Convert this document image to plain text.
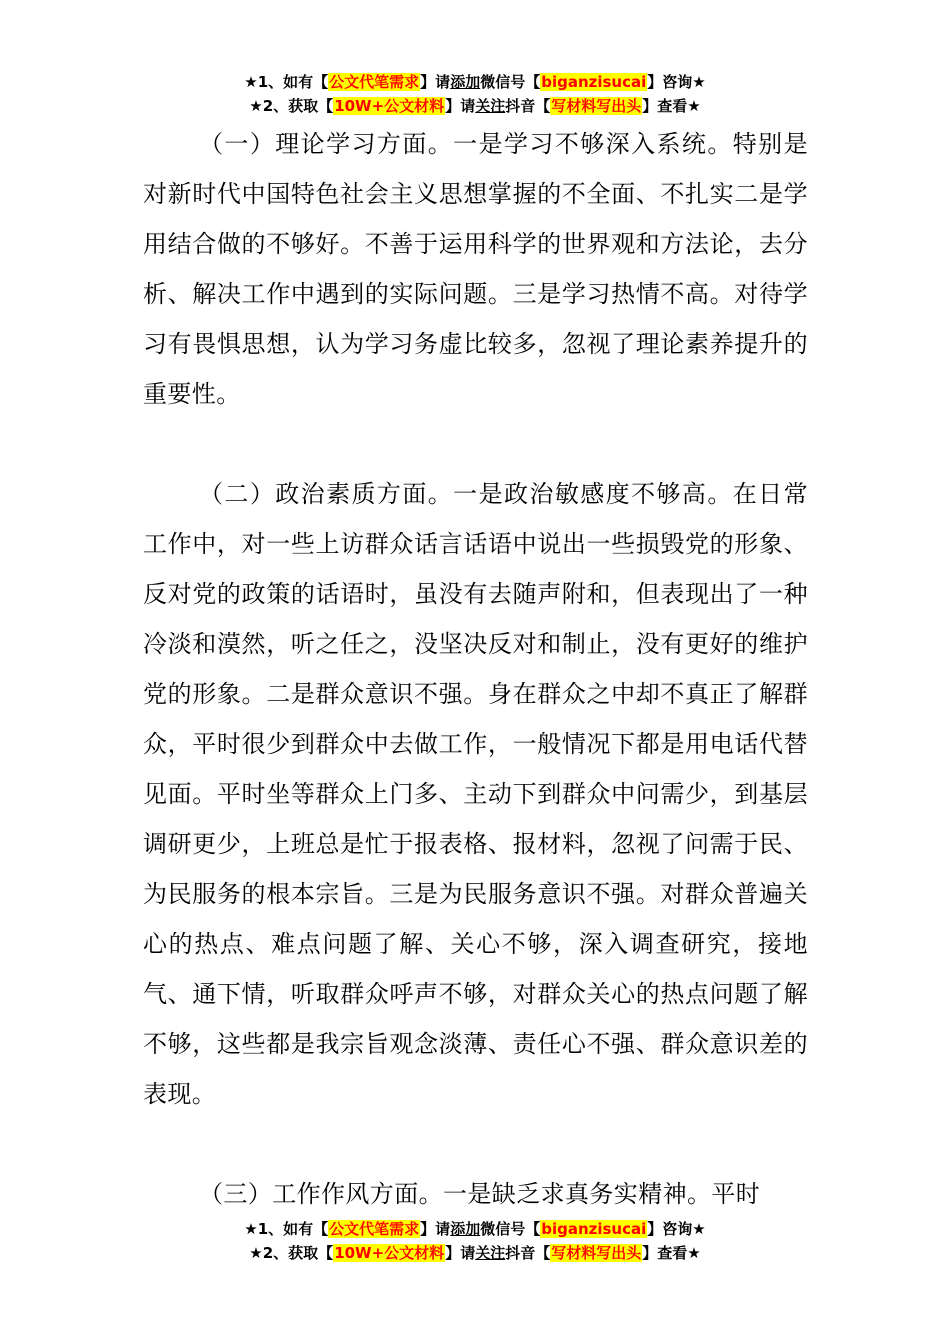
★1、如有【公文代笔需求】请添加微信号【biganzisucai】咨询★
★2、获取【10W+公文材料】请关注抖音【写材料写出头】查看★

（一）理论学习方面。一是学习不够深入系统。特别是对新时代中国特色社会主义思想掌握的不全面、不扎实二是学用结合做的不够好。不善于运用科学的世界观和方法论，去分析、解决工作中遇到的实际问题。三是学习热情不高。对待学习有畏惧思想，认为学习务虚比较多，忽视了理论素养提升的重要性。

（二）政治素质方面。一是政治敏感度不够高。在日常工作中，对一些上访群众话言话语中说出一些损毁党的形象、反对党的政策的话语时，虽没有去随声附和，但表现出了一种冷淡和漠然，听之任之，没坚决反对和制止，没有更好的维护党的形象。二是群众意识不强。身在群众之中却不真正了解群众，平时很少到群众中去做工作，一般情况下都是用电话代替见面。平时坐等群众上门多、主动下到群众中问需少，到基层调研更少，上班总是忙于报表格、报材料，忽视了问需于民、为民服务的根本宗旨。三是为民服务意识不强。对群众普遍关心的热点、难点问题了解、关心不够，深入调查研究，接地气、通下情，听取群众呼声不够，对群众关心的热点问题了解不够，这些都是我宗旨观念淡薄、责任心不强、群众意识差的表现。

（三）工作作风方面。一是缺乏求真务实精神。平时

★1、如有【公文代笔需求】请添加微信号【biganzisucai】咨询★
★2、获取【10W+公文材料】请关注抖音【写材料写出头】查看★
